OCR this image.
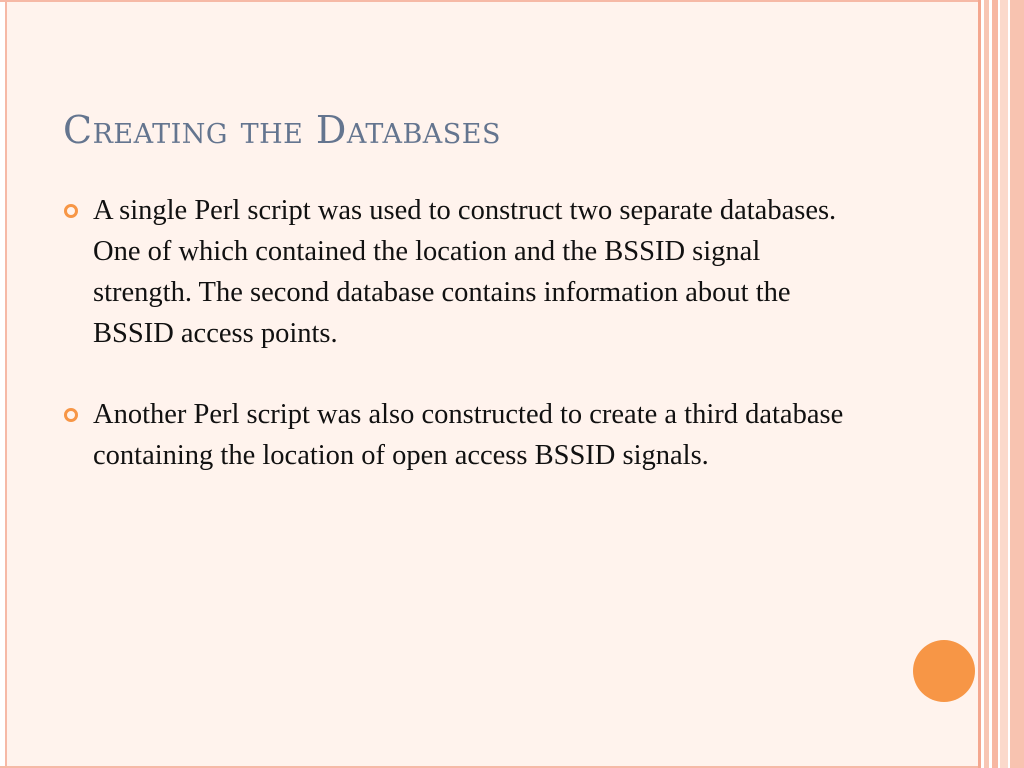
Creating the Databases
A single Perl script was used to construct two separate databases. One of which contained the location and the BSSID signal strength. The second database contains information about the BSSID access points.
Another Perl script was also constructed to create a third database containing the location of open access BSSID signals.
